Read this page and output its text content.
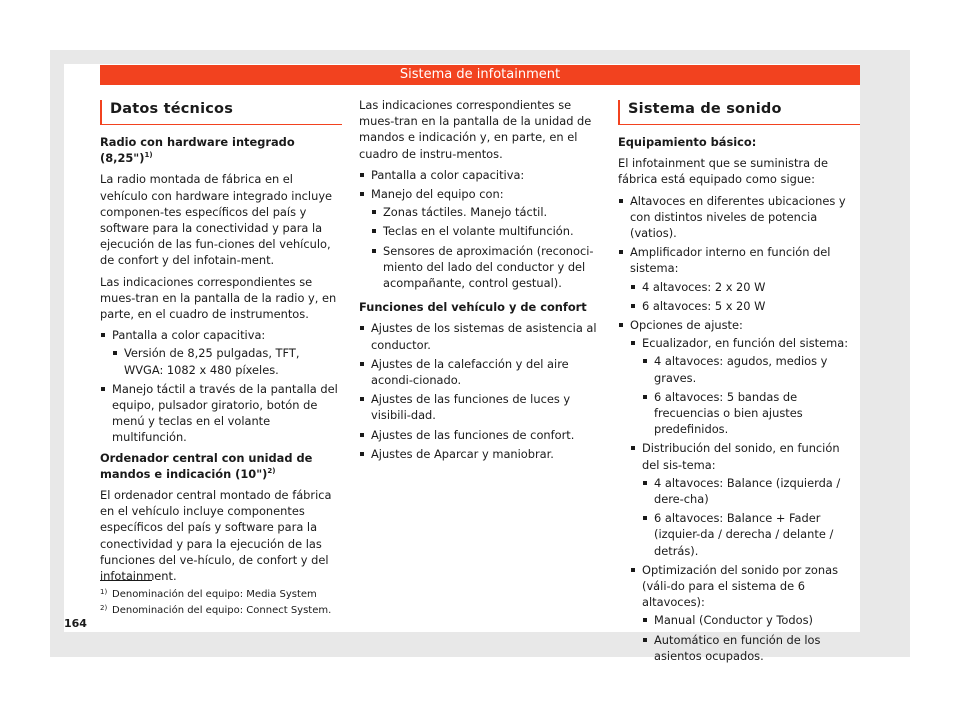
Sistema de infotainment
Datos técnicos

Radio con hardware integrado (8,25")$^{1)}$

La radio montada de fábrica en el vehículo con hardware integrado incluye componen-tes específicos del país y software para la conectividad y para la ejecución de las fun-ciones del vehículo, de confort y del infotain-ment.

Las indicaciones correspondientes se mues-tran en la pantalla de la radio y, en parte, en el cuadro de instrumentos.

Pantalla a color capacitiva:
Versión de 8,25 pulgadas, TFT, WVGA: 1082 x 480 píxeles.
Manejo táctil a través de la pantalla del equipo, pulsador giratorio, botón de menú y teclas en el volante multifunción.

Ordenador central con unidad de mandos e indicación (10")$^{2)}$

El ordenador central montado de fábrica en el vehículo incluye componentes específicos del país y software para la conectividad y para la ejecución de las funciones del ve-hículo, de confort y del infotainment.

Las indicaciones correspondientes se mues-tran en la pantalla de la unidad de mandos e indicación y, en parte, en el cuadro de instru-mentos.

Pantalla a color capacitiva:
Manejo del equipo con:
Zonas táctiles. Manejo táctil.
Teclas en el volante multifunción.
Sensores de aproximación (reconoci-miento del lado del conductor y del acompañante, control gestual).

Funciones del vehículo y de confort

Ajustes de los sistemas de asistencia al conductor.
Ajustes de la calefacción y del aire acondi-cionado.
Ajustes de las funciones de luces y visibili-dad.
Ajustes de las funciones de confort.
Ajustes de Aparcar y maniobrar.
Sistema de sonido

Equipamiento básico:

El infotainment que se suministra de fábrica está equipado como sigue:

Altavoces en diferentes ubicaciones y con distintos niveles de potencia (vatios).
Amplificador interno en función del sistema:
4 altavoces: 2 x 20 W
6 altavoces: 5 x 20 W
Opciones de ajuste:
Ecualizador, en función del sistema:
4 altavoces: agudos, medios y graves.
6 altavoces: 5 bandas de frecuencias o bien ajustes predefinidos.
Distribución del sonido, en función del sis-tema:
4 altavoces: Balance (izquierda / dere-cha)
6 altavoces: Balance + Fader (izquier-da / derecha / delante / detrás).
Optimización del sonido por zonas (váli-do para el sistema de 6 altavoces):
Manual (Conductor y Todos)
Automático en función de los asientos ocupados.
1) Denominación del equipo: Media System
2) Denominación del equipo: Connect System.
164
